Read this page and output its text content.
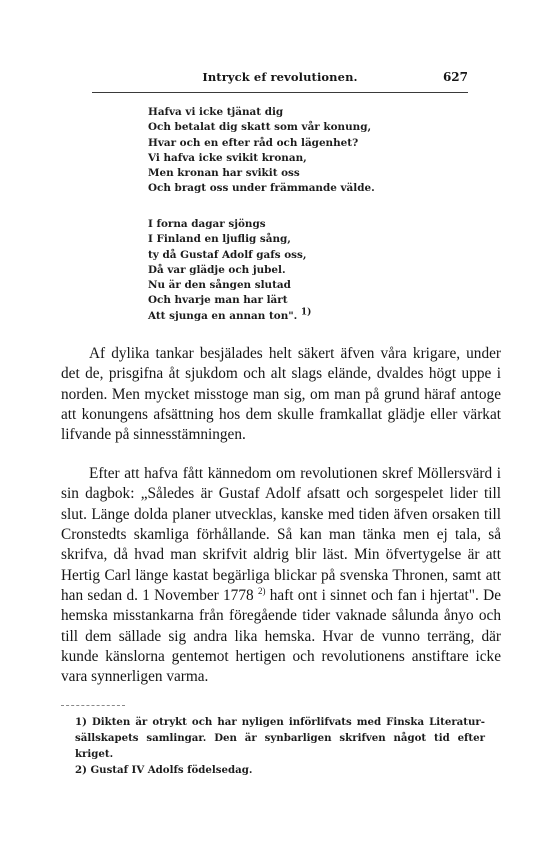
Intryck ef revolutionen.	627
Hafva vi icke tjänat dig
Och betalat dig skatt som vår konung,
Hvar och en efter råd och lägenhet?
Vi hafva icke svikit kronan,
Men kronan har svikit oss
Och bragt oss under främmande välde.
I forna dagar sjöngs
I Finland en ljuflig sång,
ty då Gustaf Adolf gafs oss,
Då var glädje och jubel.
Nu är den sången slutad
Och hvarje man har lärt
Att sjunga en annan ton". $^{1)}$

Af dylika tankar besjälades helt säkert äfven våra krigare, under det de, prisgifna åt sjukdom och alt slags elände, dvaldes högt uppe i norden. Men mycket misstoge man sig, om man på grund häraf antoge att konungens afsättning hos dem skulle framkallat glädje eller värkat lifvande på sinnesstämningen.

Efter att hafva fått kännedom om revolutionen skref Möllersvärd i sin dagbok: „Således är Gustaf Adolf afsatt och sorgespelet lider till slut. Länge dolda planer utvecklas, kanske med tiden äfven orsaken till Cronstedts skamliga förhållande. Så kan man tänka men ej tala, så skrifva, då hvad man skrifvit aldrig blir läst. Min öfvertygelse är att Hertig Carl länge kastat begärliga blickar på svenska Thronen, samt att han sedan d. 1 November 1778 $^{2)}$ haft ont i sinnet och fan i hjertat". De hemska misstankarna från föregående tider vaknade sålunda ånyo och till dem sällade sig andra lika hemska. Hvar de vunno terräng, där kunde känslorna gentemot hertigen och revolutionens anstiftare icke vara synnerligen varma.

1) Dikten är otrykt och har nyligen införlifvats med Finska Literatursällskapets samlingar. Den är synbarligen skrifven något tid efter kriget.
2) Gustaf IV Adolfs födelsedag.
